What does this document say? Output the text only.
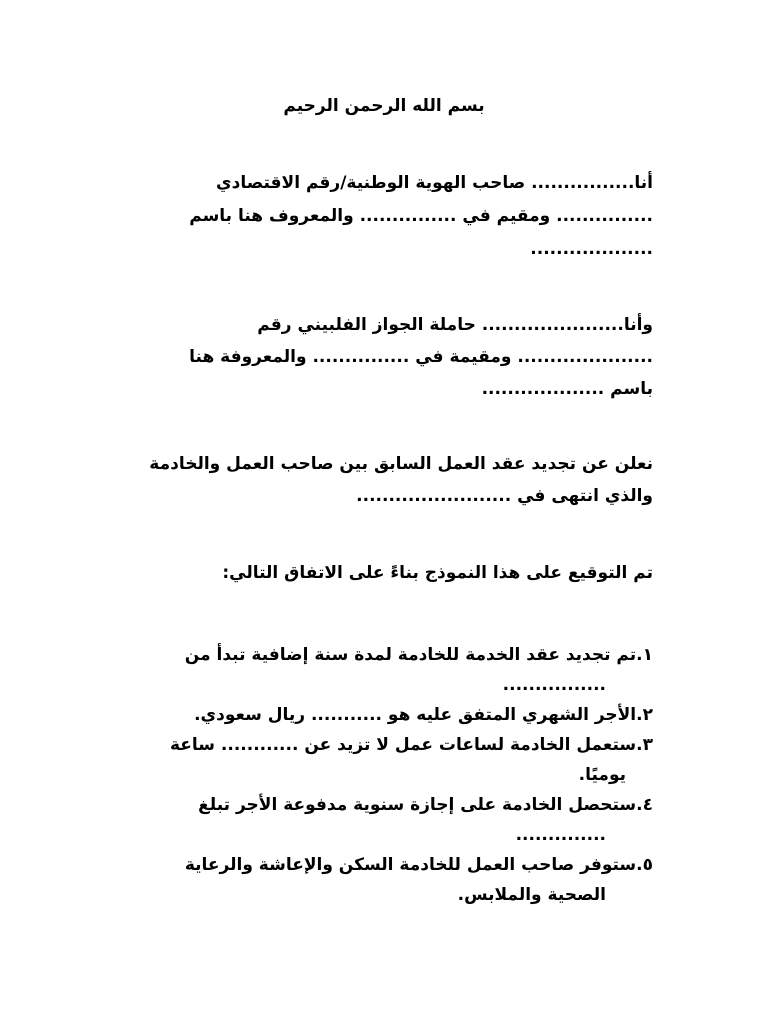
بسم الله الرحمن الرحيم
أنا................ صاحب الهوية الوطنية/رقم الاقتصادي
............... ومقيم في ............... والمعروف هنا باسم
...................
وأنا...................... حاملة الجواز الفلبيني رقم
..................... ومقيمة في ............... والمعروفة هنا
باسم ...................
نعلن عن تجديد عقد العمل السابق بين صاحب العمل والخادمة
والذي انتهى في ........................
تم التوقيع على هذا النموذج بناءً على الاتفاق التالي:
١.تم تجديد عقد الخدمة للخادمة لمدة سنة إضافية تبدأ من
................
٢.الأجر الشهري المتفق عليه هو ........... ريال سعودي.
٣.ستعمل الخادمة لساعات عمل لا تزيد عن ............ ساعة
يوميًا.
٤.ستحصل الخادمة على إجازة سنوية مدفوعة الأجر تبلغ
..............
٥.ستوفر صاحب العمل للخادمة السكن والإعاشة والرعاية
الصحية والملابس.
